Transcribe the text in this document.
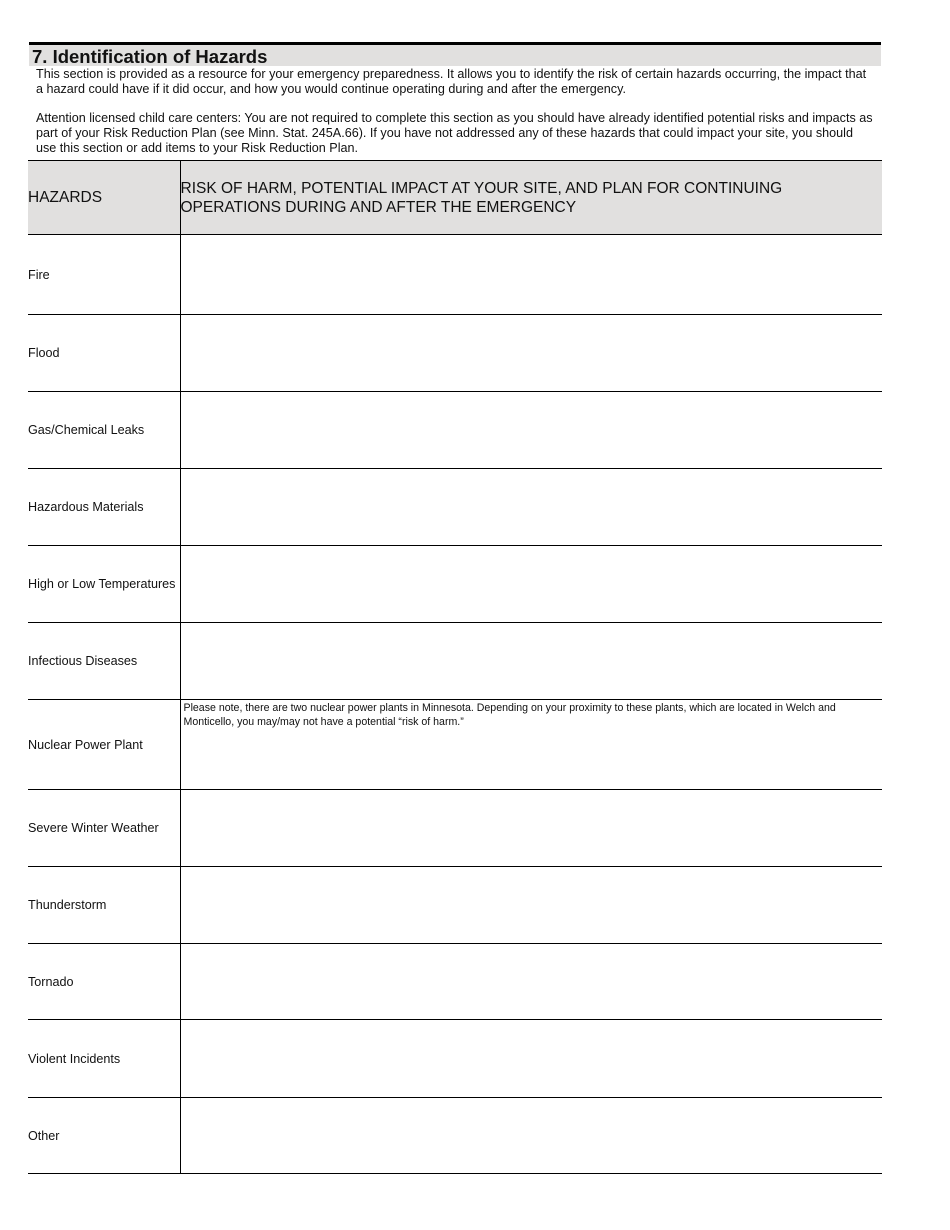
7. Identification of Hazards

This section is provided as a resource for your emergency preparedness. It allows you to identify the risk of certain hazards occurring, the impact that a hazard could have if it did occur, and how you would continue operating during and after the emergency.

Attention licensed child care centers: You are not required to complete this section as you should have already identified potential risks and impacts as part of your Risk Reduction Plan (see Minn. Stat. 245A.66). If you have not addressed any of these hazards that could impact your site, you should use this section or add items to your Risk Reduction Plan.

HAZARDS	RISK OF HARM, POTENTIAL IMPACT AT YOUR SITE, AND PLAN FOR CONTINUING OPERATIONS DURING AND AFTER THE EMERGENCY
Fire	
Flood	
Gas/Chemical Leaks	
Hazardous Materials	
High or Low Temperatures	
Infectious Diseases	
Nuclear Power Plant	Please note, there are two nuclear power plants in Minnesota. Depending on your proximity to these plants, which are located in Welch and Monticello, you may/may not have a potential “risk of harm.”

Severe Winter Weather	
Thunderstorm	
Tornado	
Violent Incidents	
Other	
